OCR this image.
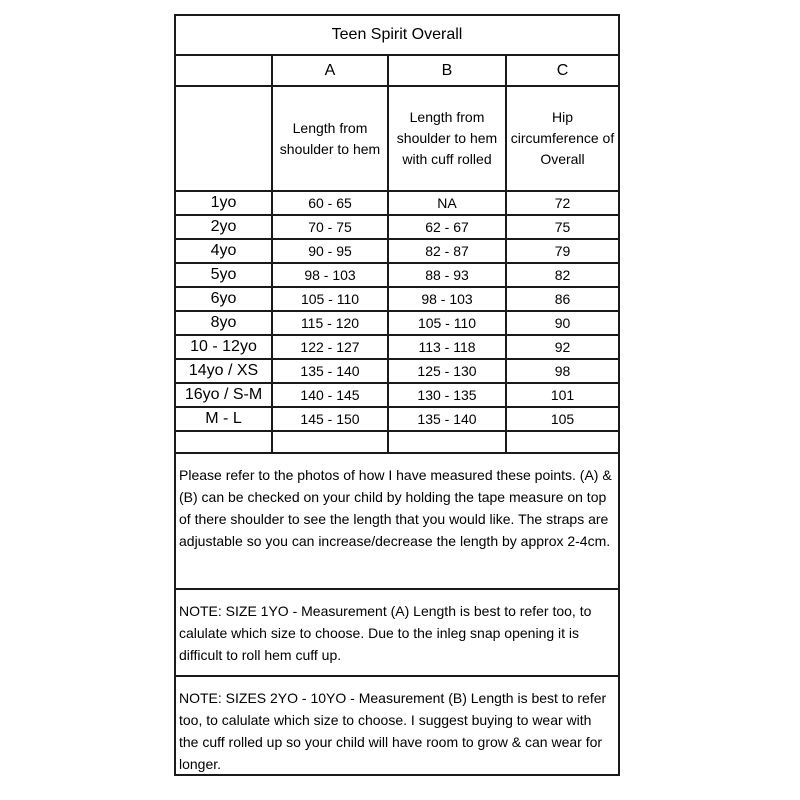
Teen Spirit Overall
	A	B	C
	Length from shoulder to hem	Length from shoulder to hem with cuff rolled	Hip circumference of Overall
1yo	60 - 65	NA	72
2yo	70 - 75	62 - 67	75
4yo	90 - 95	82 - 87	79
5yo	98 - 103	88 - 93	82
6yo	105 - 110	98 - 103	86
8yo	115 - 120	105 - 110	90
10 - 12yo	122 - 127	113 - 118	92
14yo / XS	135 - 140	125 - 130	98
16yo / S-M	140 - 145	130 - 135	101
M - L	145 - 150	135 - 140	105

Please refer to the photos of how I have measured these points. (A) & (B) can be checked on your child by holding the tape measure on top of there shoulder to see the length that you would like. The straps are adjustable so you can increase/decrease the length by approx 2-4cm.
NOTE: SIZE 1YO - Measurement (A) Length is best to refer too, to calulate which size to choose. Due to the inleg snap opening it is difficult to roll hem cuff up.
NOTE: SIZES 2YO - 10YO - Measurement (B) Length is best to refer too, to calulate which size to choose. I suggest buying to wear with the cuff rolled up so your child will have room to grow & can wear for longer.
